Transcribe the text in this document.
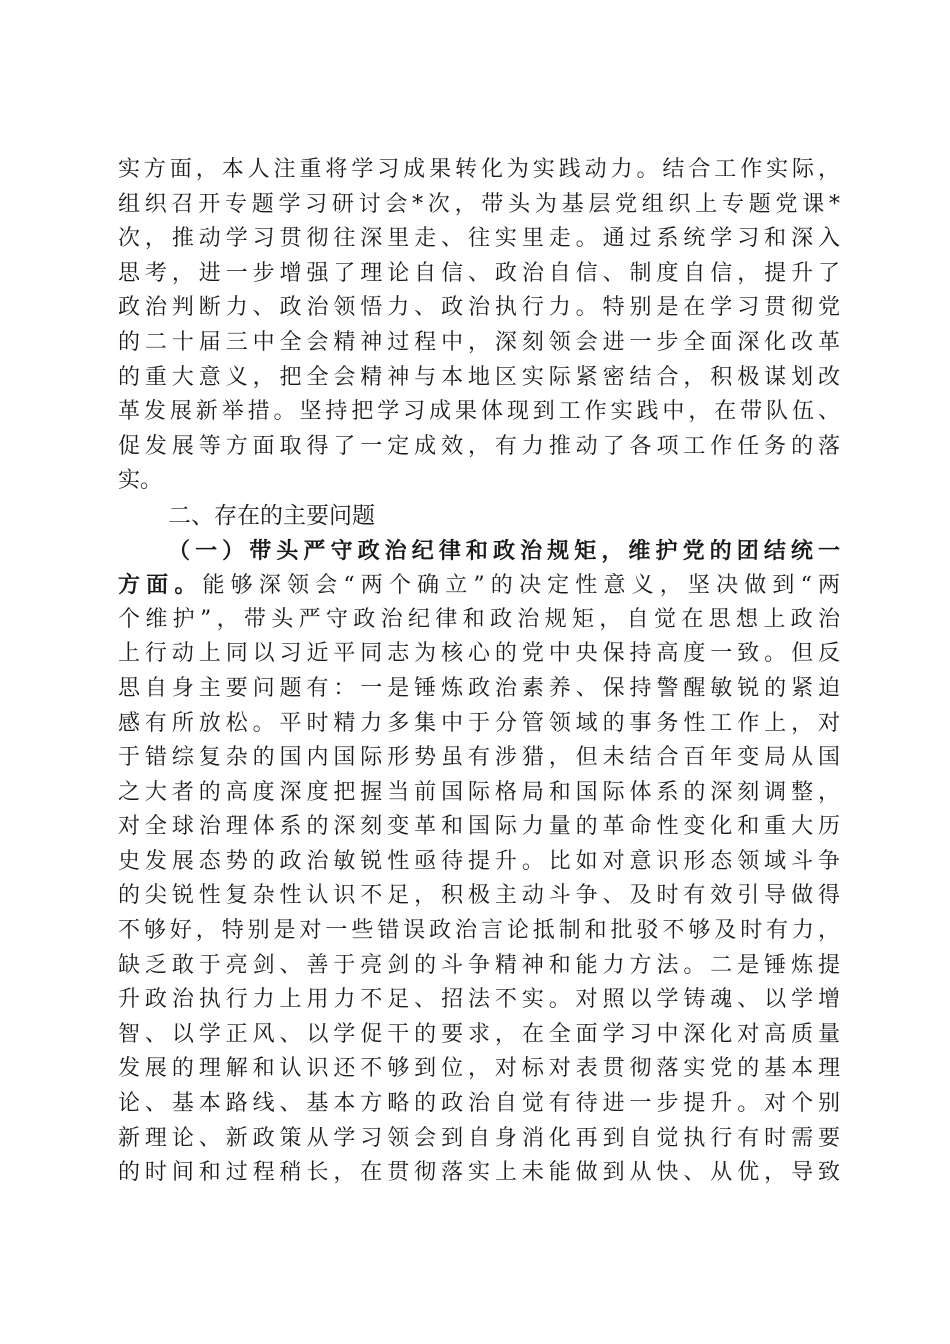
实方面，本人注重将学习成果转化为实践动力。结合工作实际，
组织召开专题学习研讨会*次，带头为基层党组织上专题党课*
次，推动学习贯彻往深里走、往实里走。通过系统学习和深入
思考，进一步增强了理论自信、政治自信、制度自信，提升了
政治判断力、政治领悟力、政治执行力。特别是在学习贯彻党
的二十届三中全会精神过程中，深刻领会进一步全面深化改革
的重大意义，把全会精神与本地区实际紧密结合，积极谋划改
革发展新举措。坚持把学习成果体现到工作实践中，在带队伍、
促发展等方面取得了一定成效，有力推动了各项工作任务的落
实。
二、存在的主要问题
（一）带头严守政治纪律和政治规矩，维护党的团结统一
方面。能够深领会“两个确立”的决定性意义，坚决做到“两
个维护”，带头严守政治纪律和政治规矩，自觉在思想上政治
上行动上同以习近平同志为核心的党中央保持高度一致。但反
思自身主要问题有：一是锤炼政治素养、保持警醒敏锐的紧迫
感有所放松。平时精力多集中于分管领域的事务性工作上，对
于错综复杂的国内国际形势虽有涉猎，但未结合百年变局从国
之大者的高度深度把握当前国际格局和国际体系的深刻调整，
对全球治理体系的深刻变革和国际力量的革命性变化和重大历
史发展态势的政治敏锐性亟待提升。比如对意识形态领域斗争
的尖锐性复杂性认识不足，积极主动斗争、及时有效引导做得
不够好，特别是对一些错误政治言论抵制和批驳不够及时有力，
缺乏敢于亮剑、善于亮剑的斗争精神和能力方法。二是锤炼提
升政治执行力上用力不足、招法不实。对照以学铸魂、以学增
智、以学正风、以学促干的要求，在全面学习中深化对高质量
发展的理解和认识还不够到位，对标对表贯彻落实党的基本理
论、基本路线、基本方略的政治自觉有待进一步提升。对个别
新理论、新政策从学习领会到自身消化再到自觉执行有时需要
的时间和过程稍长，在贯彻落实上未能做到从快、从优，导致
